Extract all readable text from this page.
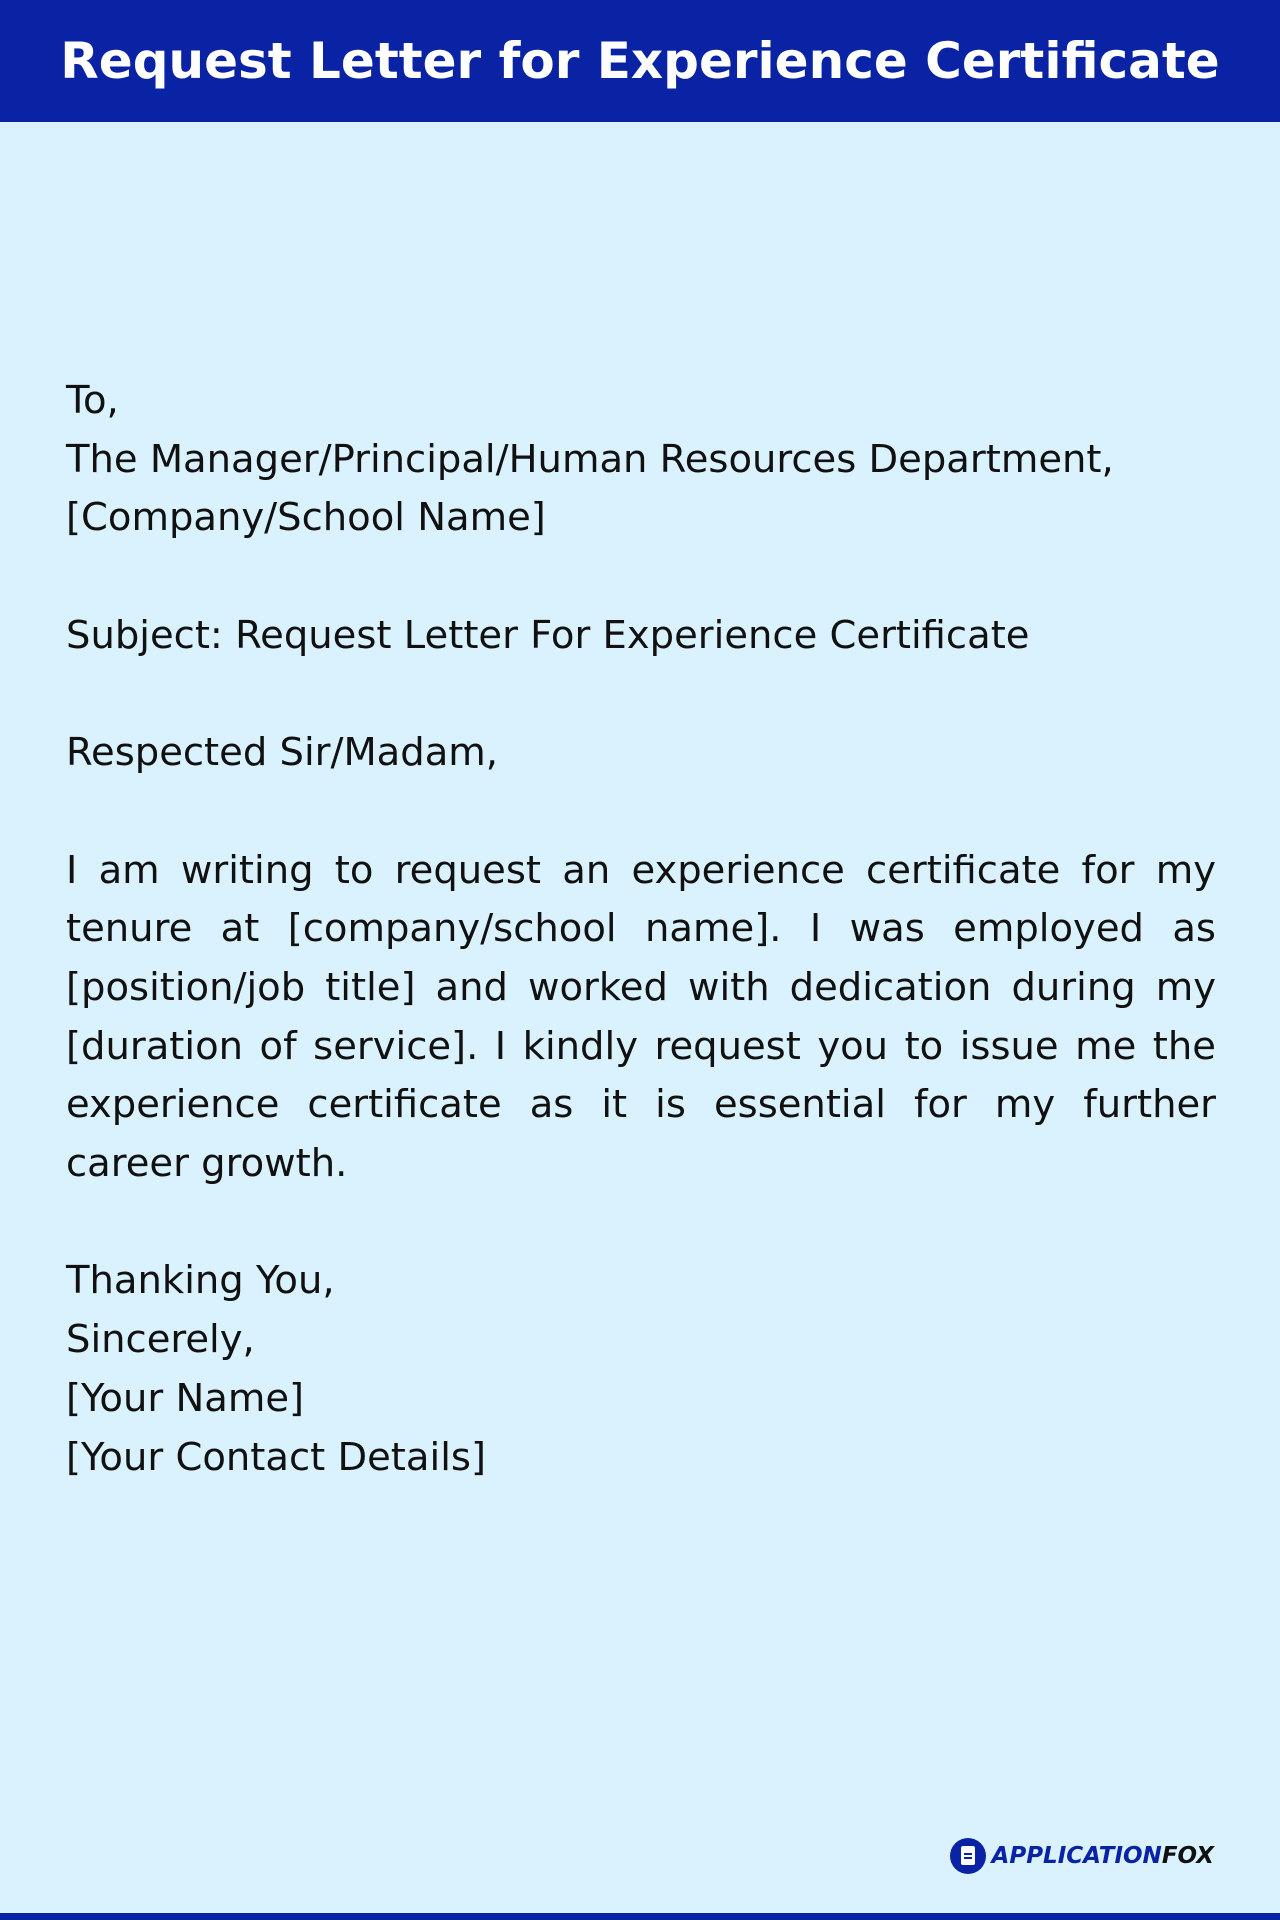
Request Letter for Experience Certificate
To,
The Manager/Principal/Human Resources Department,
[Company/School Name]
Subject: Request Letter For Experience Certificate
Respected Sir/Madam,
I am writing to request an experience certificate for my tenure at [company/school name]. I was employed as [position/job title] and worked with dedication during my [duration of service]. I kindly request you to issue me the experience certificate as it is essential for my further career growth.
Thanking You,
Sincerely,
[Your Name]
[Your Contact Details]
APPLICATIONFOX
